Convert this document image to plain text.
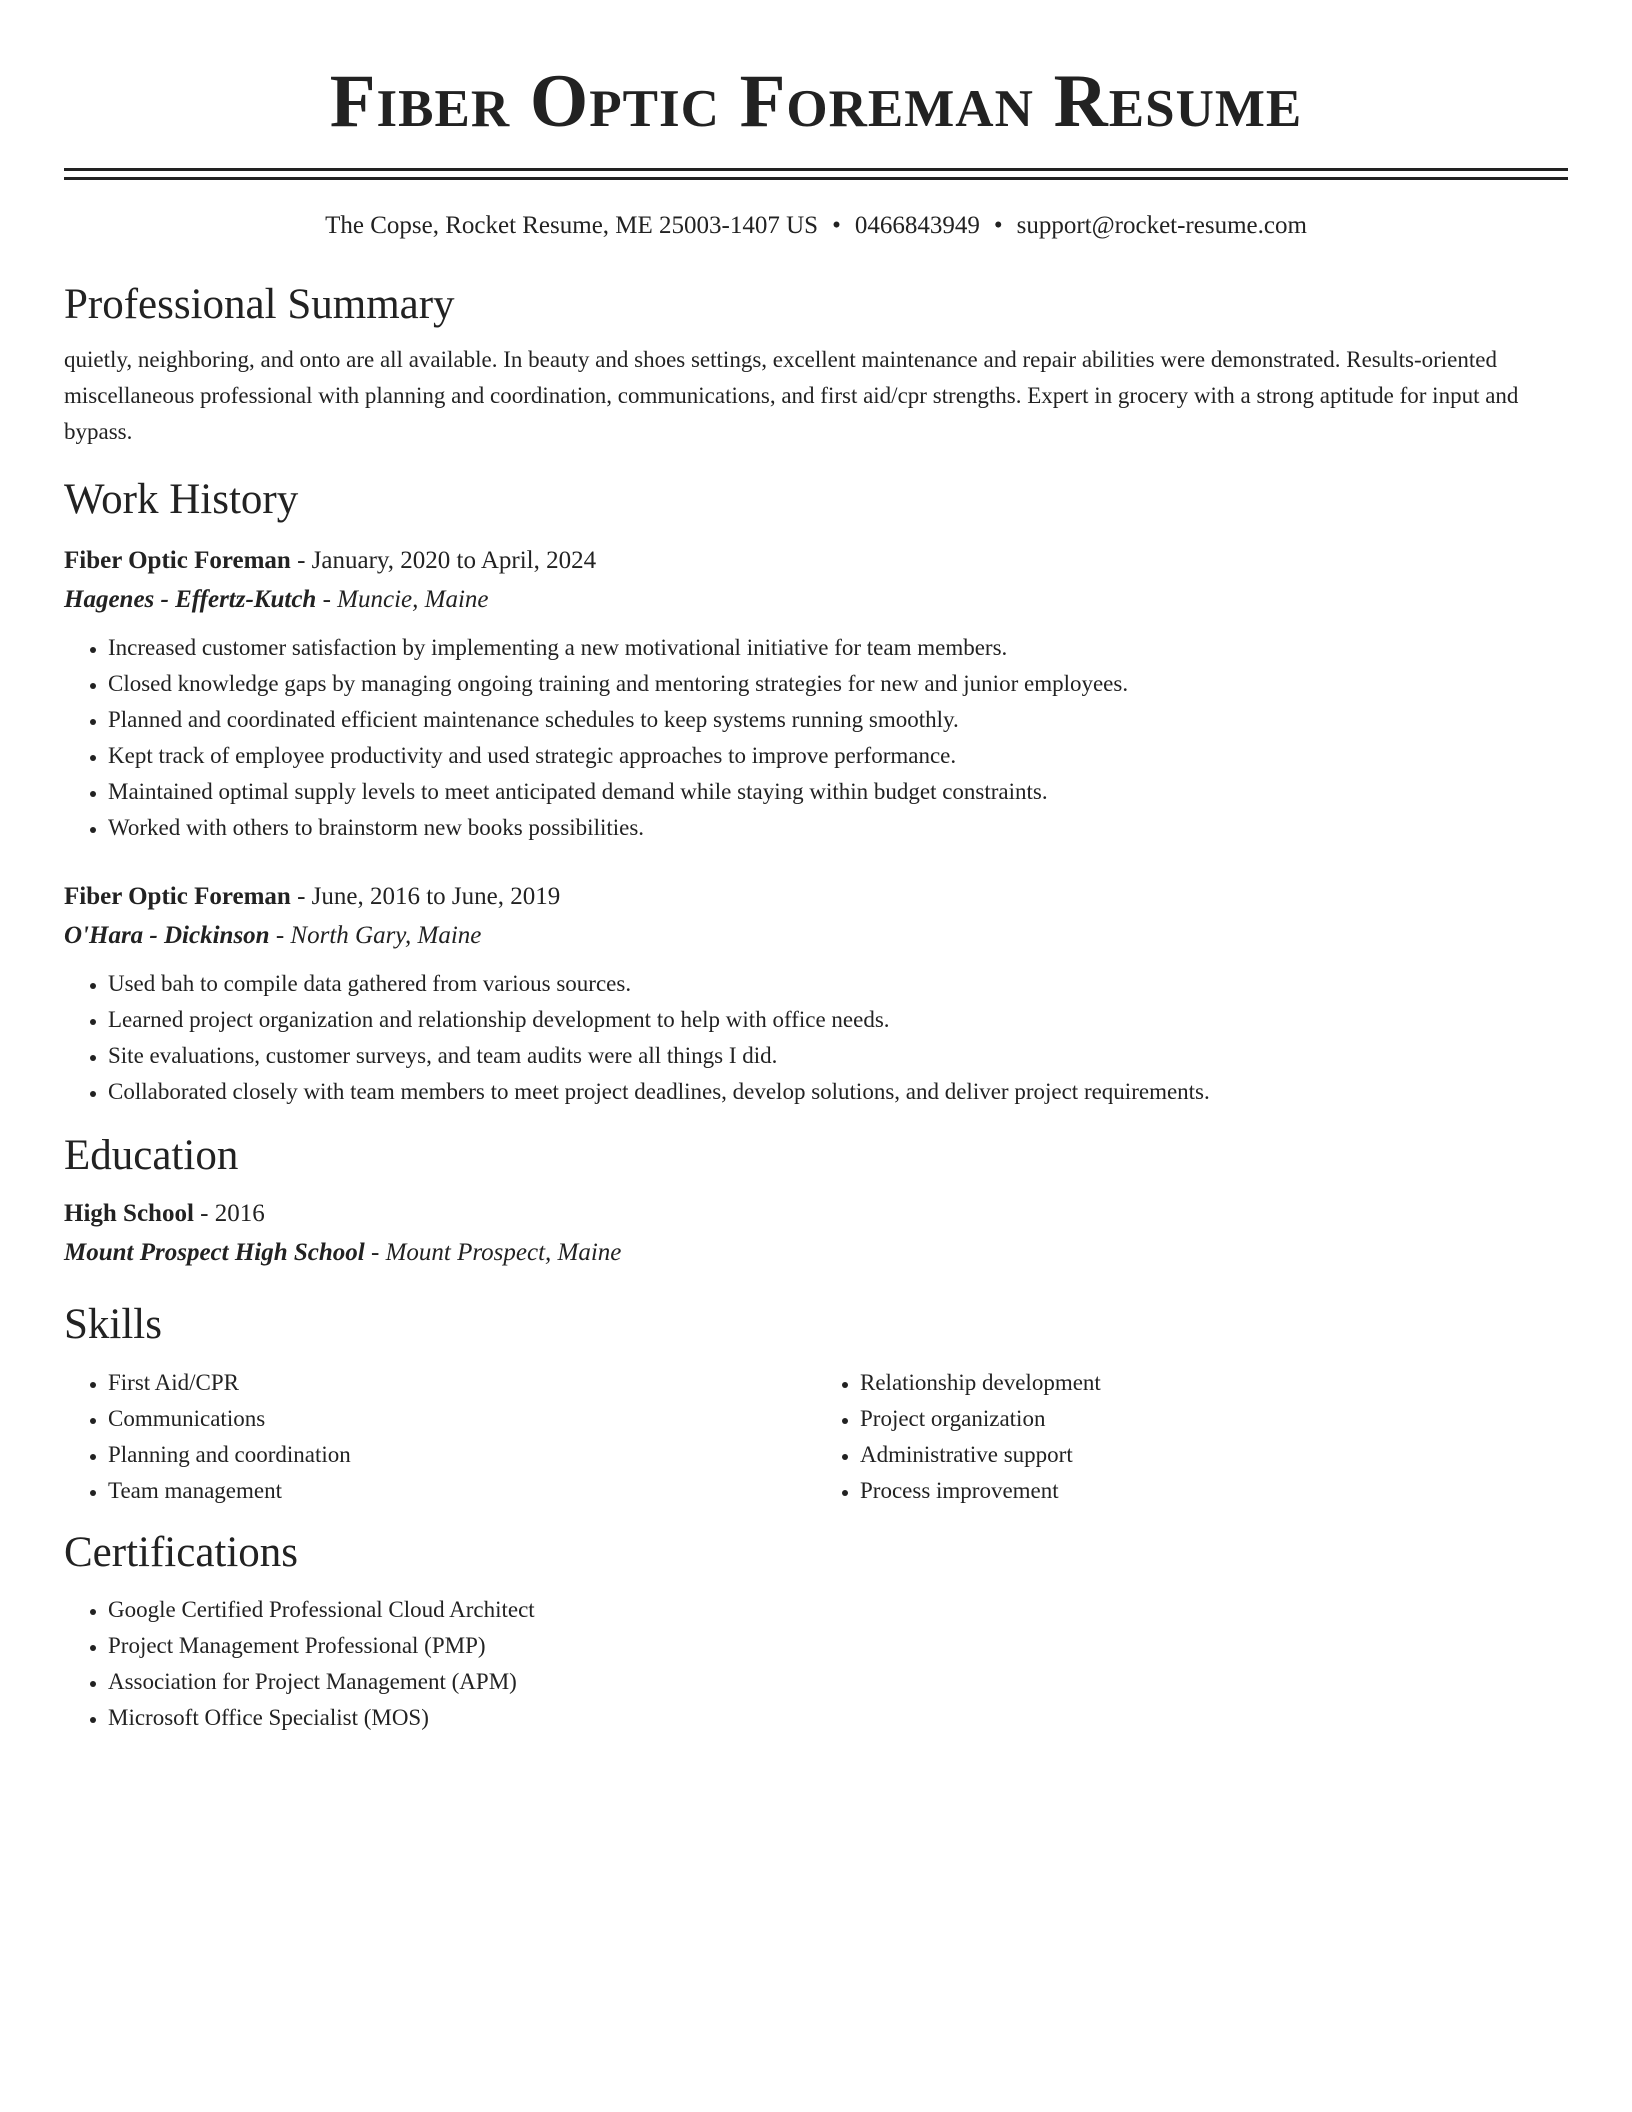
Fiber Optic Foreman Resume
The Copse, Rocket Resume, ME 25003-1407 US • 0466843949 • support@rocket-resume.com
Professional Summary
quietly, neighboring, and onto are all available. In beauty and shoes settings, excellent maintenance and repair abilities were demonstrated. Results-oriented miscellaneous professional with planning and coordination, communications, and first aid/cpr strengths. Expert in grocery with a strong aptitude for input and bypass.
Work History
Fiber Optic Foreman - January, 2020 to April, 2024
Hagenes - Effertz-Kutch - Muncie, Maine
• Increased customer satisfaction by implementing a new motivational initiative for team members.
• Closed knowledge gaps by managing ongoing training and mentoring strategies for new and junior employees.
• Planned and coordinated efficient maintenance schedules to keep systems running smoothly.
• Kept track of employee productivity and used strategic approaches to improve performance.
• Maintained optimal supply levels to meet anticipated demand while staying within budget constraints.
• Worked with others to brainstorm new books possibilities.
Fiber Optic Foreman - June, 2016 to June, 2019
O'Hara - Dickinson - North Gary, Maine
• Used bah to compile data gathered from various sources.
• Learned project organization and relationship development to help with office needs.
• Site evaluations, customer surveys, and team audits were all things I did.
• Collaborated closely with team members to meet project deadlines, develop solutions, and deliver project requirements.
Education
High School - 2016
Mount Prospect High School - Mount Prospect, Maine
Skills
• First Aid/CPR
• Communications
• Planning and coordination
• Team management
• Relationship development
• Project organization
• Administrative support
• Process improvement
Certifications
• Google Certified Professional Cloud Architect
• Project Management Professional (PMP)
• Association for Project Management (APM)
• Microsoft Office Specialist (MOS)
